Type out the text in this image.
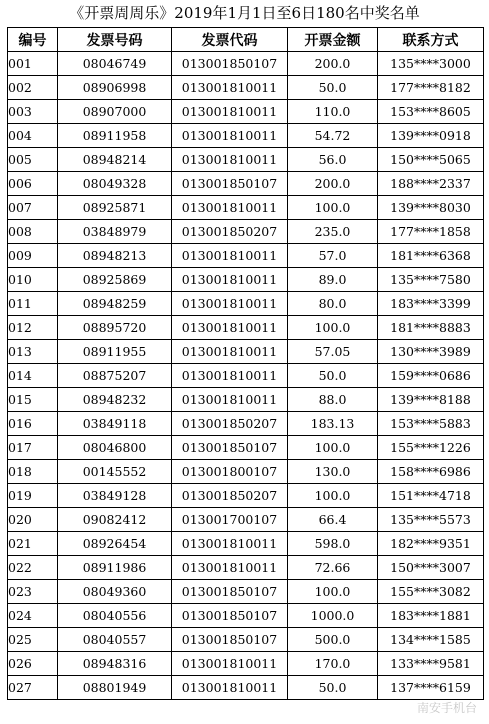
《开票周周乐》2019年1月1日至6日180名中奖名单
编号	发票号码	发票代码	开票金额	联系方式
001	08046749	013001850107	200.0	135****3000
002	08906998	013001810011	50.0	177****8182
003	08907000	013001810011	110.0	153****8605
004	08911958	013001810011	54.72	139****0918
005	08948214	013001810011	56.0	150****5065
006	08049328	013001850107	200.0	188****2337
007	08925871	013001810011	100.0	139****8030
008	03848979	013001850207	235.0	177****1858
009	08948213	013001810011	57.0	181****6368
010	08925869	013001810011	89.0	135****7580
011	08948259	013001810011	80.0	183****3399
012	08895720	013001810011	100.0	181****8883
013	08911955	013001810011	57.05	130****3989
014	08875207	013001810011	50.0	159****0686
015	08948232	013001810011	88.0	139****8188
016	03849118	013001850207	183.13	153****5883
017	08046800	013001850107	100.0	155****1226
018	00145552	013001800107	130.0	158****6986
019	03849128	013001850207	100.0	151****4718
020	09082412	013001700107	66.4	135****5573
021	08926454	013001810011	598.0	182****9351
022	08911986	013001810011	72.66	150****3007
023	08049360	013001850107	100.0	155****3082
024	08040556	013001850107	1000.0	183****1881
025	08040557	013001850107	500.0	134****1585
026	08948316	013001810011	170.0	133****9581
027	08801949	013001810011	50.0	137****6159
南安手机台
